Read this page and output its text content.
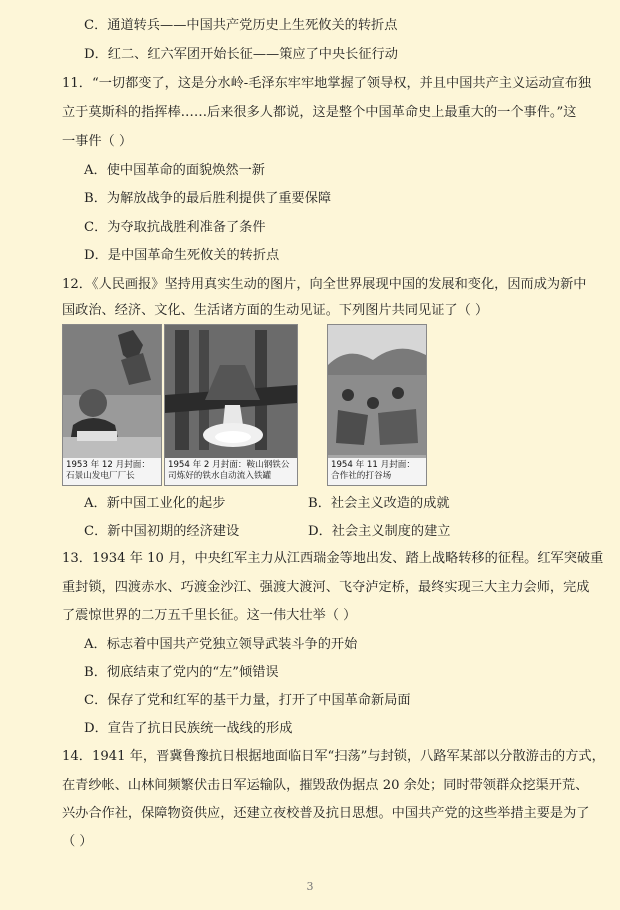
C．通道转兵——中国共产党历史上生死攸关的转折点
D．红二、红六军团开始长征——策应了中央长征行动
11．“一切都变了，这是分水岭-毛泽东牢牢地掌握了领导权，并且中国共产主义运动宣布独
立于莫斯科的指挥棒……后来很多人都说，这是整个中国革命史上最重大的一个事件。”这
一事件（ ）
A．使中国革命的面貌焕然一新
B．为解放战争的最后胜利提供了重要保障
C．为夺取抗战胜利准备了条件
D．是中国革命生死攸关的转折点
12．《人民画报》坚持用真实生动的图片，向全世界展现中国的发展和变化，因而成为新中
国政治、经济、文化、生活诸方面的生动见证。下列图片共同见证了（ ）
1953 年 12 月封面：
石景山发电厂厂长
1954 年 2 月封面：鞍山钢铁公
司炼好的铁水自动流入铁罐
1954 年 11 月封面：
合作社的打谷场
A．新中国工业化的起步	B．社会主义改造的成就
C．新中国初期的经济建设	D．社会主义制度的建立
13．1934 年 10 月，中央红军主力从江西瑞金等地出发、踏上战略转移的征程。红军突破重
重封锁，四渡赤水、巧渡金沙江、强渡大渡河、飞夺泸定桥，最终实现三大主力会师，完成
了震惊世界的二万五千里长征。这一伟大壮举（ ）
A．标志着中国共产党独立领导武装斗争的开始
B．彻底结束了党内的“左”倾错误
C．保存了党和红军的基干力量，打开了中国革命新局面
D．宣告了抗日民族统一战线的形成
14．1941 年，晋冀鲁豫抗日根据地面临日军“扫荡”与封锁，八路军某部以分散游击的方式，
在青纱帐、山林间频繁伏击日军运输队，摧毁敌伪据点 20 余处；同时带领群众挖渠开荒、
兴办合作社，保障物资供应，还建立夜校普及抗日思想。中国共产党的这些举措主要是为了
（ ）
3
